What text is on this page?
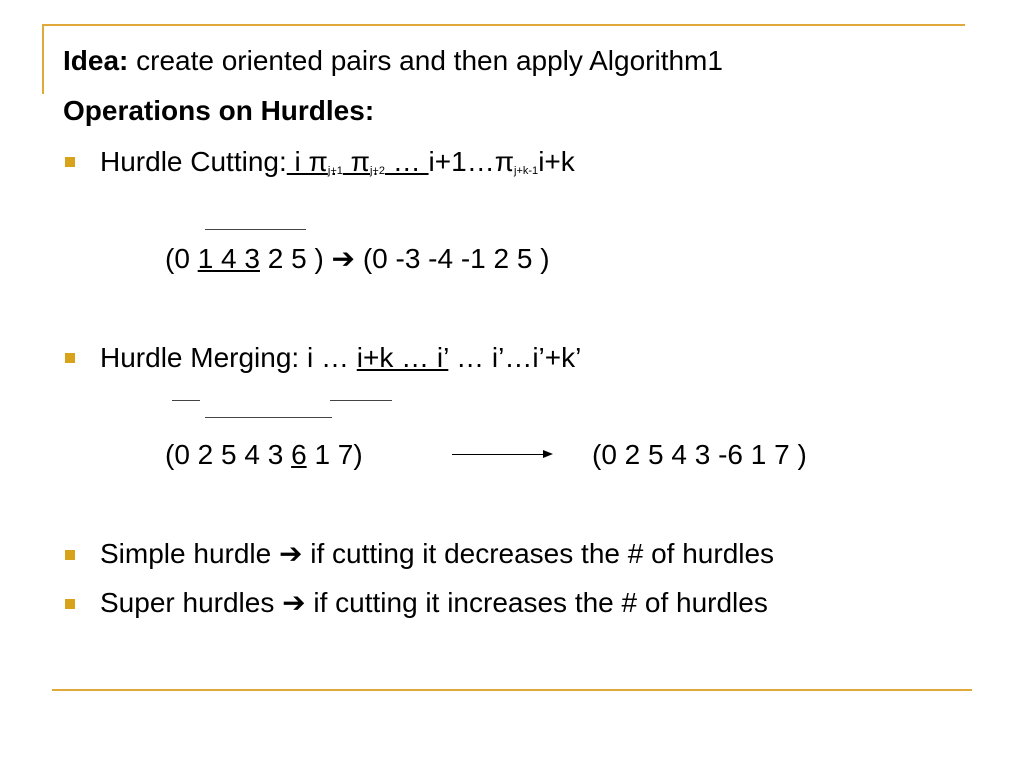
Idea: create oriented pairs and then apply Algorithm1
Operations on Hurdles:
Hurdle Cutting: i $\pi_{j+1}$ $\pi_{j+2}$ … $i+1\dots\pi_{j+k-1}i+k$
(0 1 4 3 2 5 ) ➔ (0 -3 -4 -1 2 5 )
Hurdle Merging: i … i+k … i’ … i’…i’+k’
(0 2 5 4 3 6 1 7)	(0 2 5 4 3 -6 1 7 )
Simple hurdle ➔ if cutting it decreases the # of hurdles
Super hurdles ➔ if cutting it increases the # of hurdles
